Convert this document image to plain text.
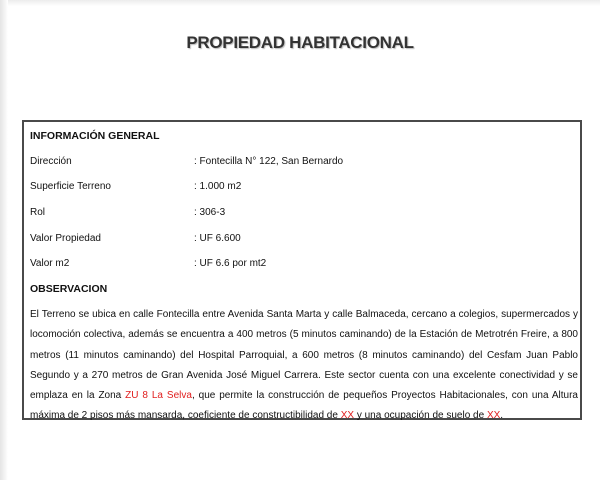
PROPIEDAD HABITACIONAL
INFORMACIÓN GENERAL
Dirección	: Fontecilla N° 122, San Bernardo
Superficie Terreno	: 1.000 m2
Rol	: 306-3
Valor Propiedad	: UF 6.600
Valor m2	: UF 6.6 por mt2
OBSERVACION

El Terreno se ubica en calle Fontecilla entre Avenida Santa Marta y calle Balmaceda, cercano a colegios, supermercados y locomoción colectiva, además se encuentra a 400 metros (5 minutos caminando) de la Estación de Metrotrén Freire, a 800 metros (11 minutos caminando) del Hospital Parroquial, a 600 metros (8 minutos caminando) del Cesfam Juan Pablo Segundo y a 270 metros de Gran Avenida José Miguel Carrera. Este sector cuenta con una excelente conectividad y se emplaza en la Zona ZU 8 La Selva, que permite la construcción de pequeños Proyectos Habitacionales, con una Altura máxima de 2 pisos más mansarda, coeficiente de constructibilidad de XX y una ocupación de suelo de XX.
